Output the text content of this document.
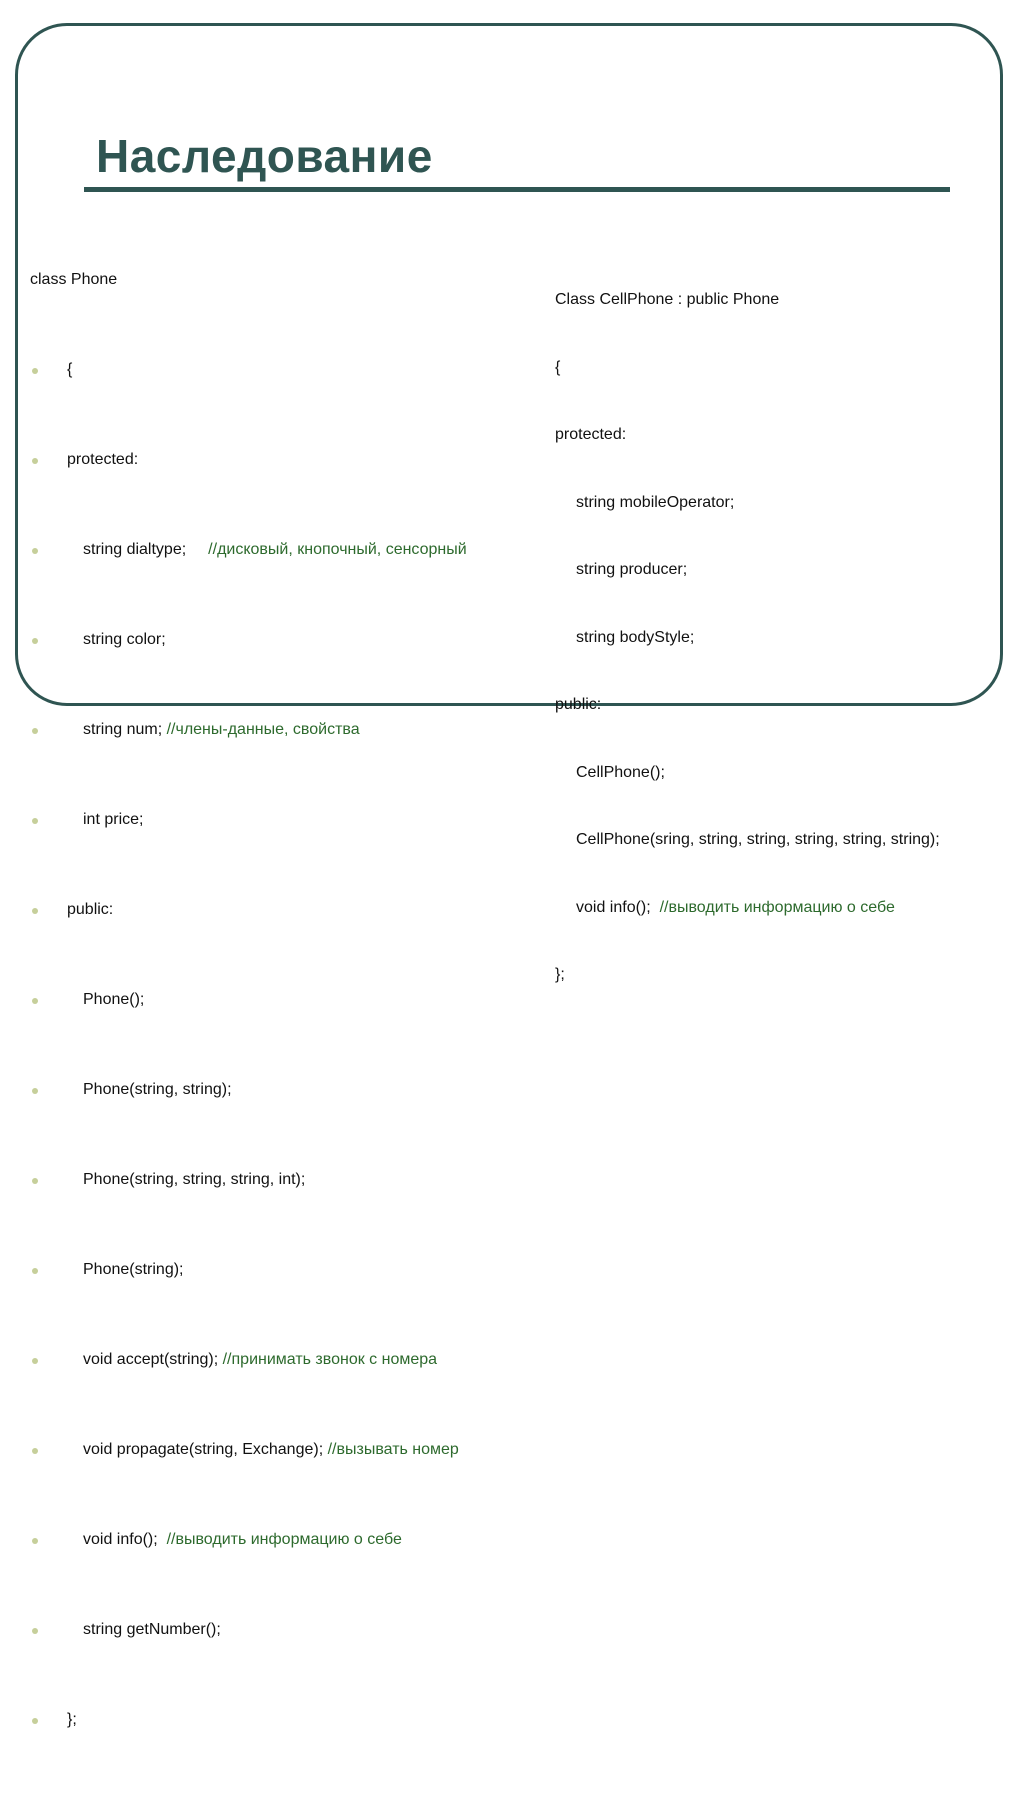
Наследование

class Phone

{

protected:

string dialtype; //дисковый, кнопочный, сенсорный

string color;

string num; //члены-данные, свойства

int price;

public:

Phone();

Phone(string, string);

Phone(string, string, string, int);

Phone(string);

void accept(string); //принимать звонок с номера

void propagate(string, Exchange); //вызывать номер

void info();  //выводить информацию о себе

string getNumber();

};

Class CellPhone : public Phone

{

protected:

string mobileOperator;

string producer;

string bodyStyle;

public:

CellPhone();

CellPhone(sring, string, string, string, string, string);

void info();  //выводить информацию о себе

};
